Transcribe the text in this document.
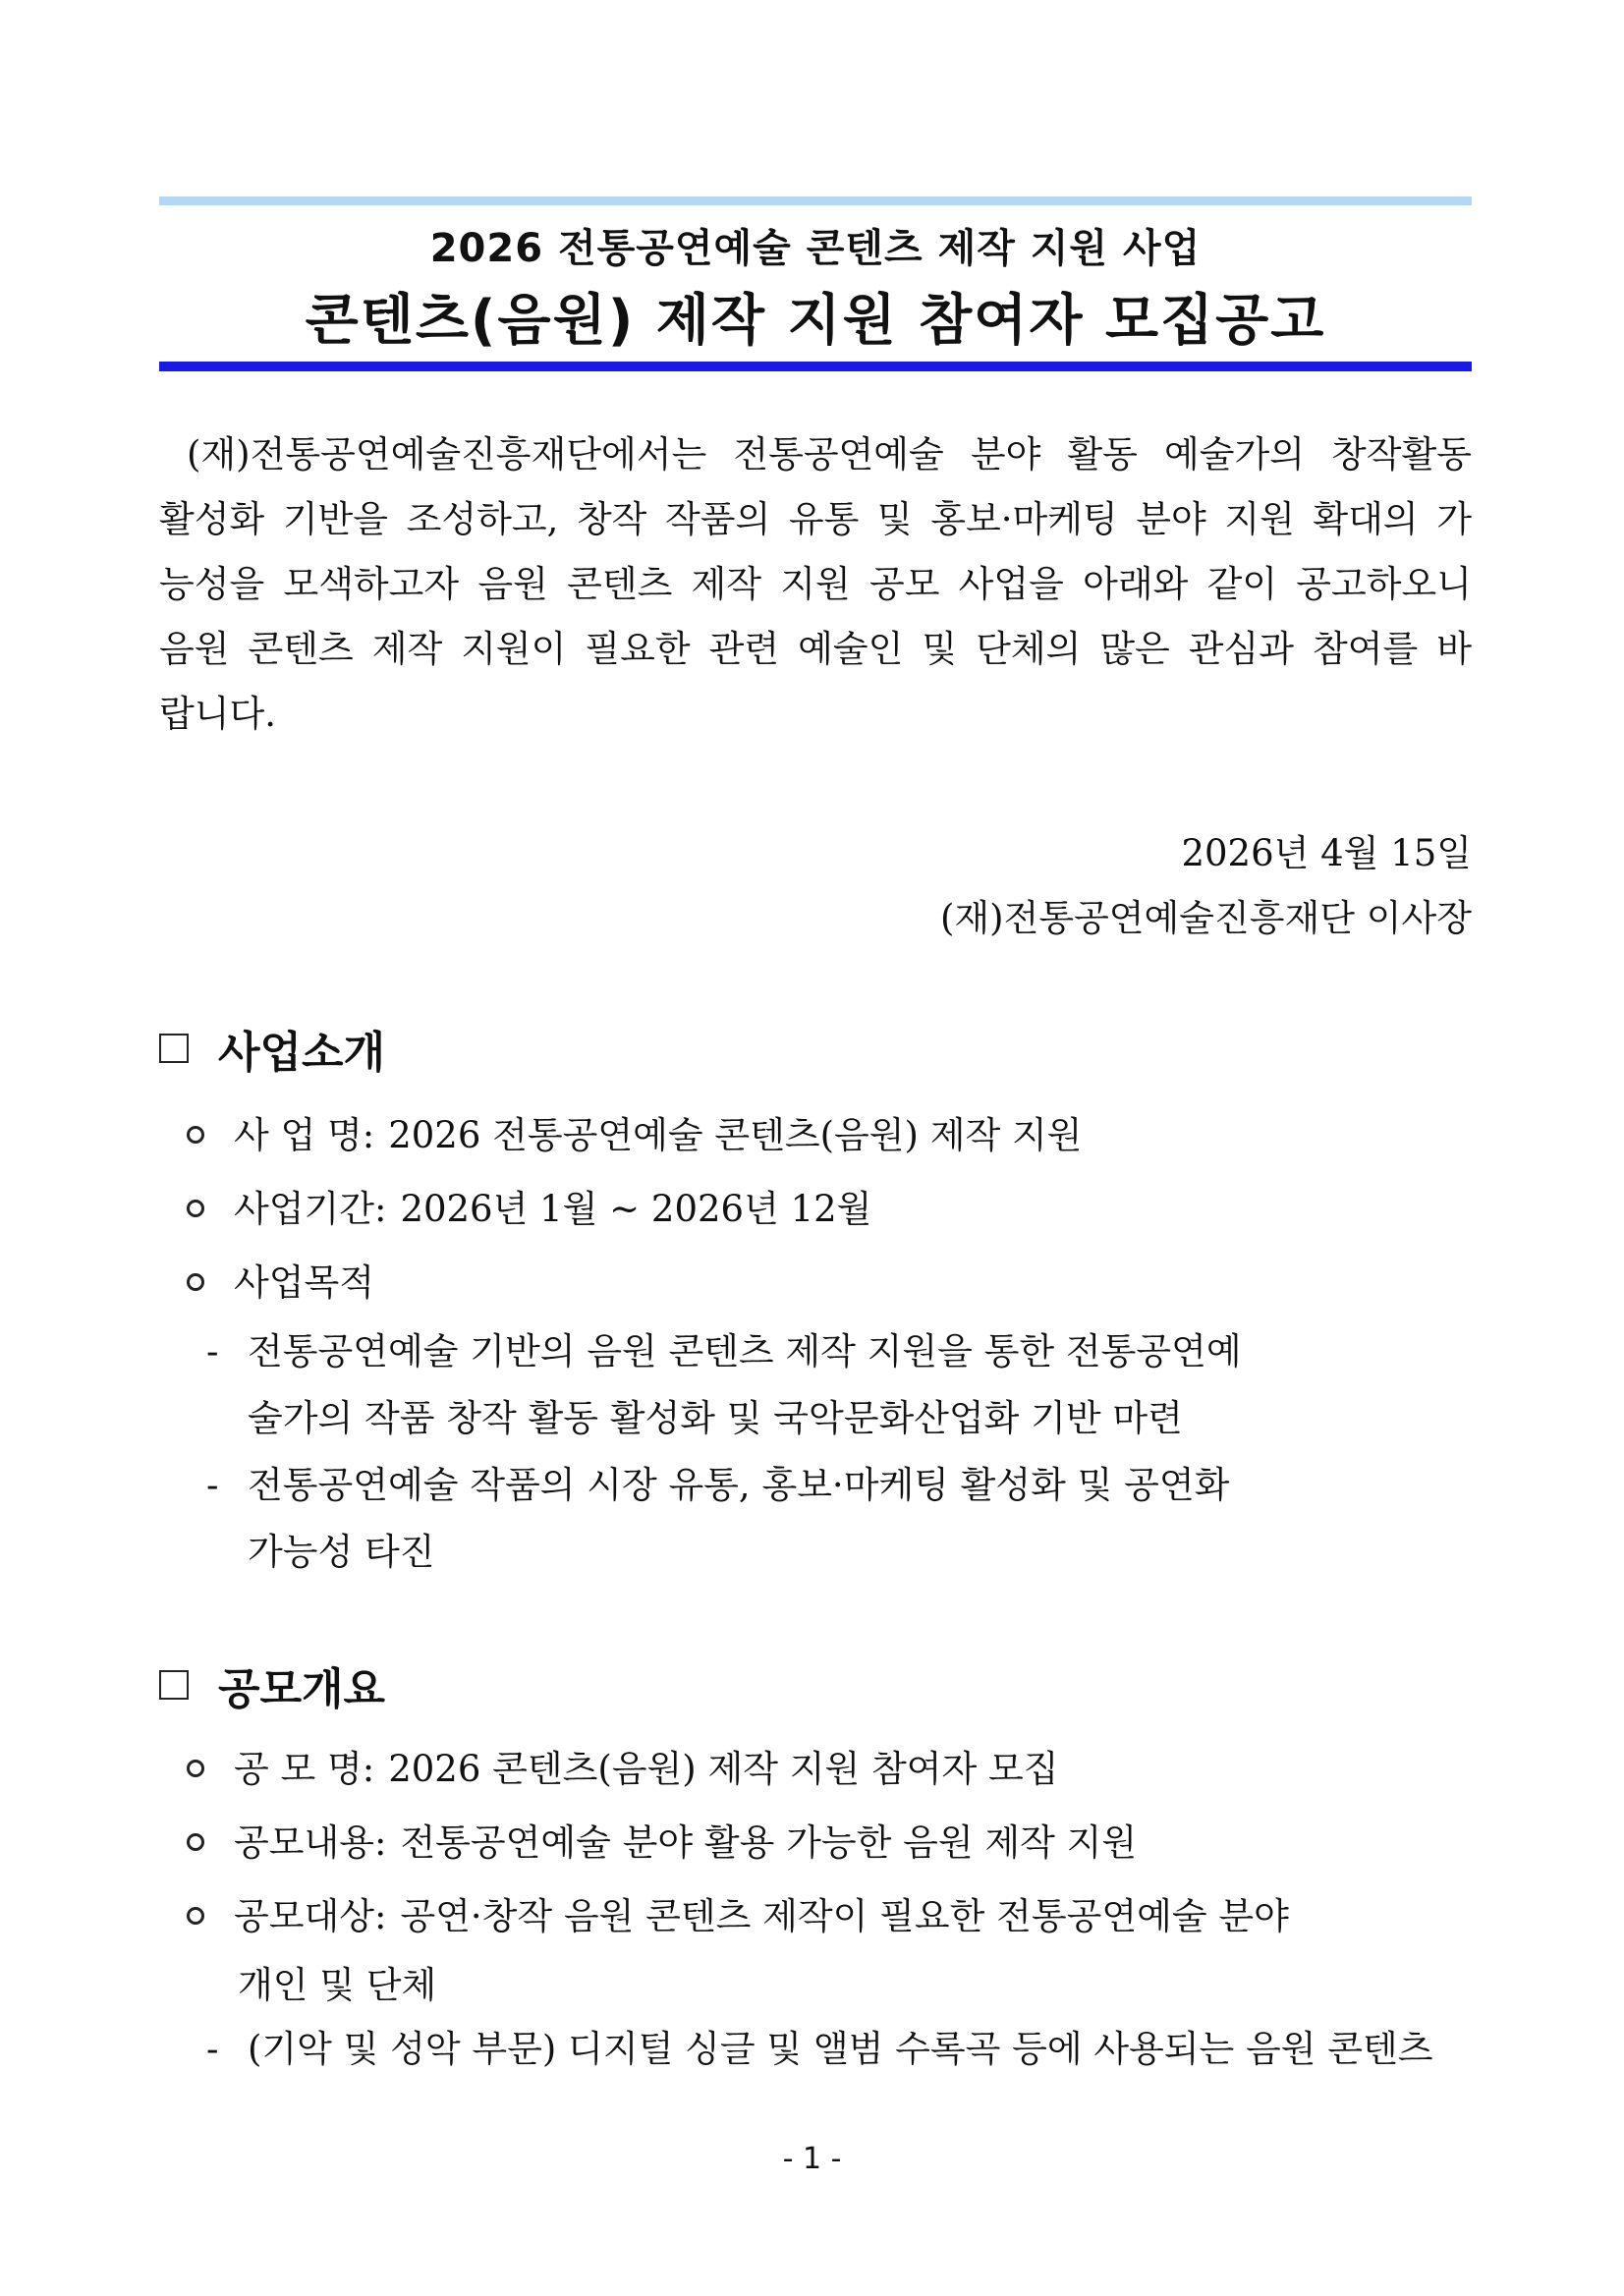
2026 전통공연예술 콘텐츠 제작 지원 사업
콘텐츠(음원) 제작 지원 참여자 모집공고
(재)전통공연예술진흥재단에서는 전통공연예술 분야 활동 예술가의 창작활동 활성화 기반을 조성하고, 창작 작품의 유통 및 홍보·마케팅 분야 지원 확대의 가능성을 모색하고자 음원 콘텐츠 제작 지원 공모 사업을 아래와 같이 공고하오니 음원 콘텐츠 제작 지원이 필요한 관련 예술인 및 단체의 많은 관심과 참여를 바랍니다.
2026년 4월 15일
(재)전통공연예술진흥재단 이사장
사업소개
사 업 명: 2026 전통공연예술 콘텐츠(음원) 제작 지원
사업기간: 2026년 1월 ~ 2026년 12월
사업목적
- 전통공연예술 기반의 음원 콘텐츠 제작 지원을 통한 전통공연예
술가의 작품 창작 활동 활성화 및 국악문화산업화 기반 마련
- 전통공연예술 작품의 시장 유통, 홍보·마케팅 활성화 및 공연화
가능성 타진
공모개요
공 모 명: 2026 콘텐츠(음원) 제작 지원 참여자 모집
공모내용: 전통공연예술 분야 활용 가능한 음원 제작 지원
공모대상: 공연·창작 음원 콘텐츠 제작이 필요한 전통공연예술 분야
개인 및 단체
- (기악 및 성악 부문) 디지털 싱글 및 앨범 수록곡 등에 사용되는 음원 콘텐츠
- 1 -
